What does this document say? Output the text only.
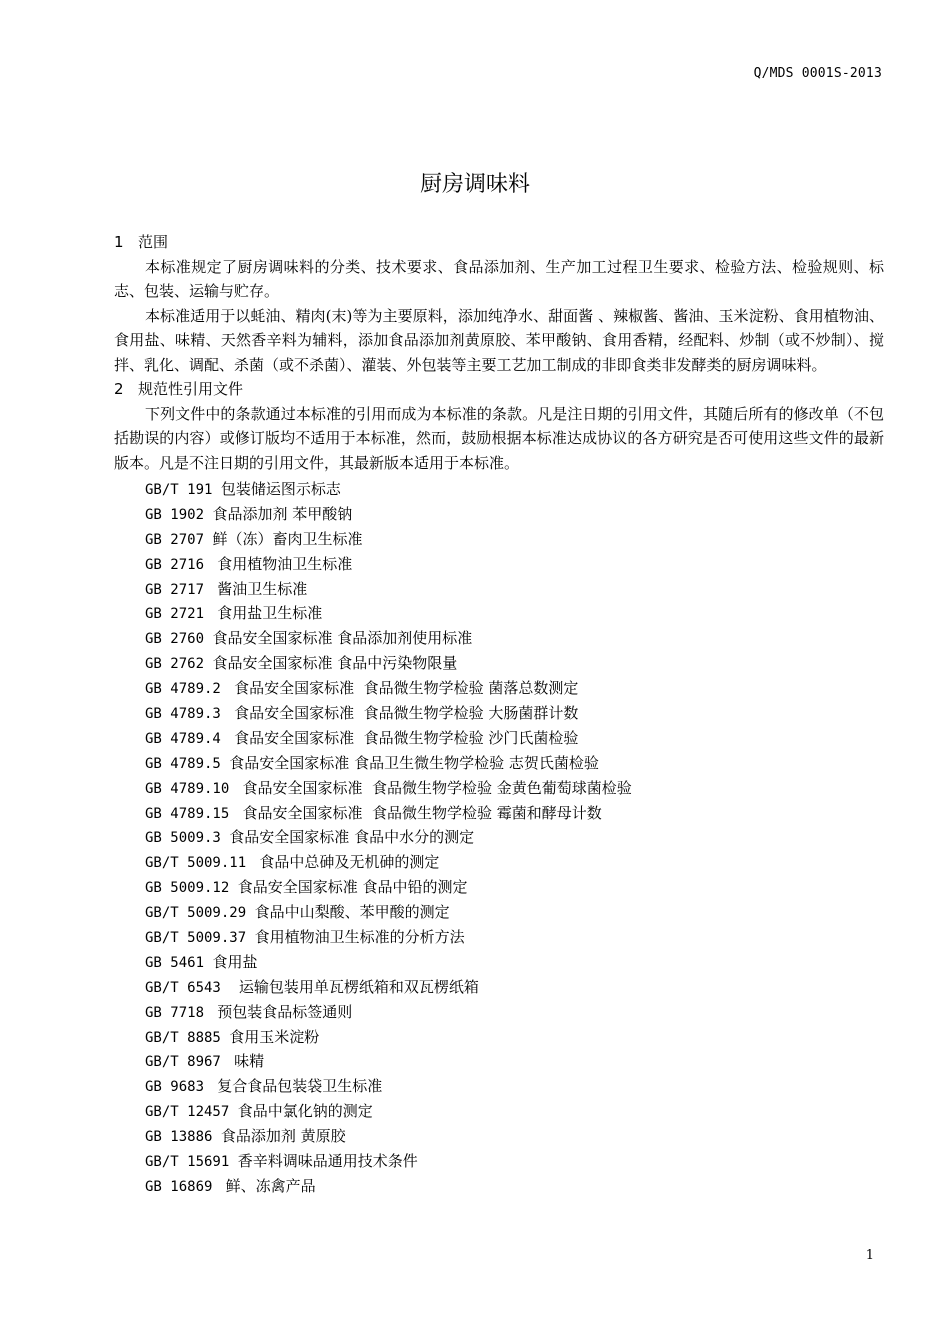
Q/MDS 0001S-2013
厨房调味料
1 范围

本标准规定了厨房调味料的分类、技术要求、食品添加剂、生产加工过程卫生要求、检验方法、检验规则、标志、包装、运输与贮存。

本标准适用于以蚝油、精肉(末)等为主要原料，添加纯净水、甜面酱 、辣椒酱、酱油、玉米淀粉、食用植物油、食用盐、味精、天然香辛料为辅料，添加食品添加剂黄原胶、苯甲酸钠、食用香精，经配料、炒制（或不炒制）、搅拌、乳化、调配、杀菌（或不杀菌）、灌装、外包装等主要工艺加工制成的非即食类非发酵类的厨房调味料。

2 规范性引用文件

下列文件中的条款通过本标准的引用而成为本标准的条款。凡是注日期的引用文件，其随后所有的修改单（不包括勘误的内容）或修订版均不适用于本标准，然而，鼓励根据本标准达成协议的各方研究是否可使用这些文件的最新版本。凡是不注日期的引用文件，其最新版本适用于本标准。

GB/T 191 包装储运图示标志
GB 1902 食品添加剂 苯甲酸钠
GB 2707 鲜（冻）畜肉卫生标准
GB 2716  食用植物油卫生标准
GB 2717  酱油卫生标准
GB 2721  食用盐卫生标准
GB 2760 食品安全国家标准 食品添加剂使用标准
GB 2762 食品安全国家标准 食品中污染物限量
GB 4789.2  食品安全国家标准  食品微生物学检验 菌落总数测定
GB 4789.3  食品安全国家标准  食品微生物学检验 大肠菌群计数
GB 4789.4  食品安全国家标准  食品微生物学检验 沙门氏菌检验
GB 4789.5 食品安全国家标准 食品卫生微生物学检验 志贺氏菌检验
GB 4789.10  食品安全国家标准  食品微生物学检验 金黄色葡萄球菌检验
GB 4789.15  食品安全国家标准  食品微生物学检验 霉菌和酵母计数
GB 5009.3 食品安全国家标准 食品中水分的测定
GB/T 5009.11  食品中总砷及无机砷的测定
GB 5009.12 食品安全国家标准 食品中铅的测定
GB/T 5009.29 食品中山梨酸、苯甲酸的测定
GB/T 5009.37 食用植物油卫生标准的分析方法
GB 5461 食用盐
GB/T 6543   运输包装用单瓦楞纸箱和双瓦楞纸箱
GB 7718  预包装食品标签通则
GB/T 8885 食用玉米淀粉
GB/T 8967  味精
GB 9683  复合食品包装袋卫生标准
GB/T 12457 食品中氯化钠的测定
GB 13886 食品添加剂 黄原胶
GB/T 15691 香辛料调味品通用技术条件
GB 16869  鲜、冻禽产品
1
